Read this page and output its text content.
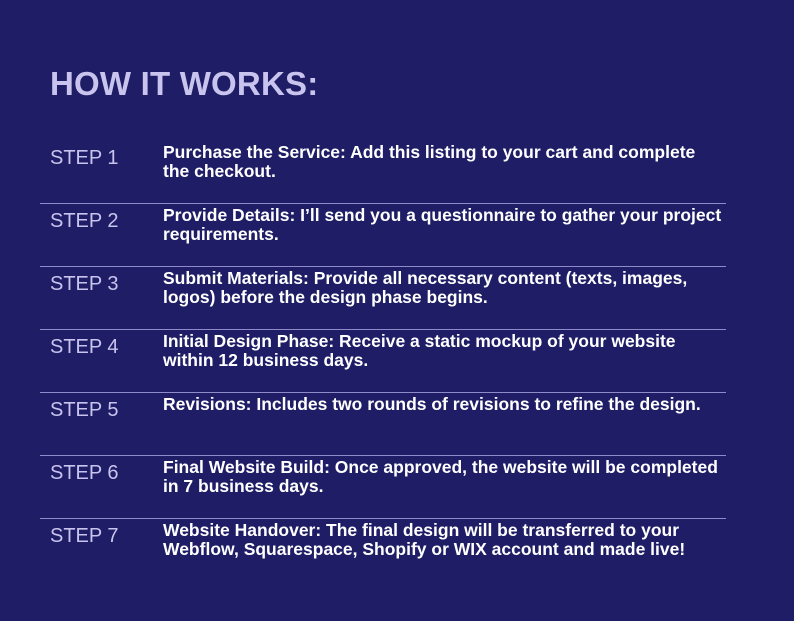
HOW IT WORKS:
STEP 1	Purchase the Service: Add this listing to your cart and complete the checkout.
STEP 2	Provide Details: I’ll send you a questionnaire to gather your project requirements.
STEP 3	Submit Materials: Provide all necessary content (texts, images, logos) before the design phase begins.
STEP 4	Initial Design Phase: Receive a static mockup of your website within 12 business days.
STEP 5	Revisions: Includes two rounds of revisions to refine the design.
STEP 6	Final Website Build: Once approved, the website will be completed in 7 business days.
STEP 7	Website Handover: The final design will be transferred to your Webflow, Squarespace, Shopify or WIX account and made live!
